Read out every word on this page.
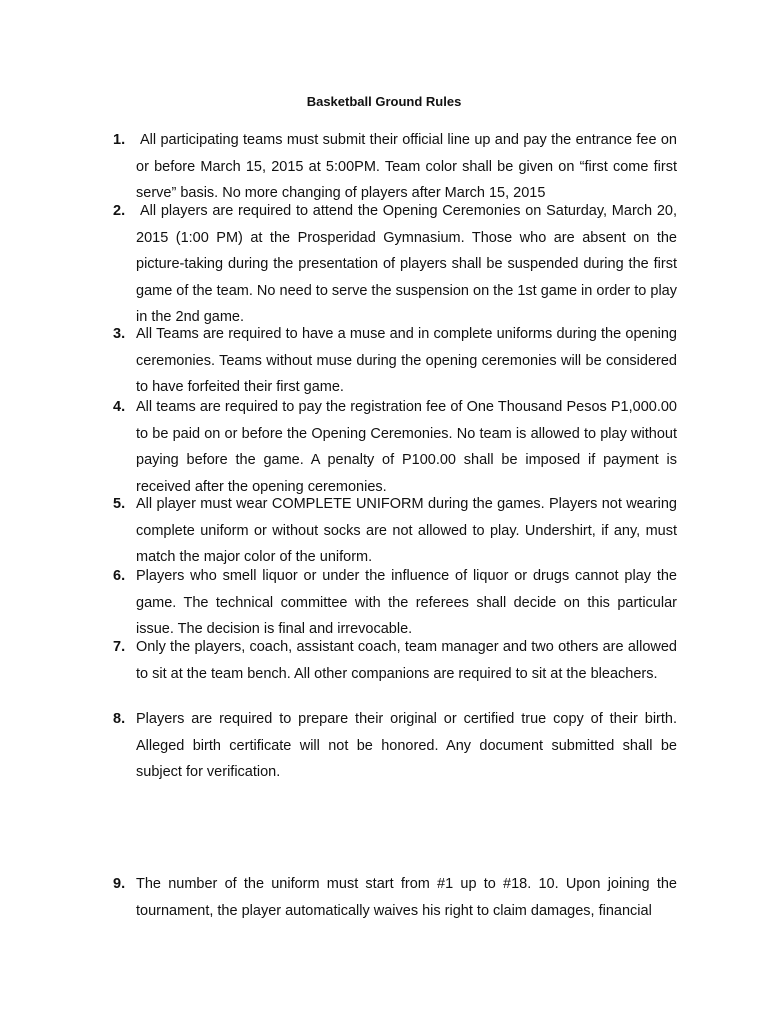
Basketball Ground Rules
1. All participating teams must submit their official line up and pay the entrance fee on or before March 15, 2015 at 5:00PM. Team color shall be given on “first come first serve” basis. No more changing of players after March 15, 2015
2. All players are required to attend the Opening Ceremonies on Saturday, March 20, 2015 (1:00 PM) at the Prosperidad Gymnasium. Those who are absent on the picture-taking during the presentation of players shall be suspended during the first game of the team. No need to serve the suspension on the 1st game in order to play in the 2nd game.
3. All Teams are required to have a muse and in complete uniforms during the opening ceremonies. Teams without muse during the opening ceremonies will be considered to have forfeited their first game.
4. All teams are required to pay the registration fee of One Thousand Pesos P1,000.00 to be paid on or before the Opening Ceremonies. No team is allowed to play without paying before the game. A penalty of P100.00 shall be imposed if payment is received after the opening ceremonies.
5. All player must wear COMPLETE UNIFORM during the games. Players not wearing complete uniform or without socks are not allowed to play. Undershirt, if any, must match the major color of the uniform.
6. Players who smell liquor or under the influence of liquor or drugs cannot play the game. The technical committee with the referees shall decide on this particular issue. The decision is final and irrevocable.
7. Only the players, coach, assistant coach, team manager and two others are allowed to sit at the team bench. All other companions are required to sit at the bleachers.
8. Players are required to prepare their original or certified true copy of their birth. Alleged birth certificate will not be honored. Any document submitted shall be subject for verification.
9. The number of the uniform must start from #1 up to #18. 10. Upon joining the tournament, the player automatically waives his right to claim damages, financial
